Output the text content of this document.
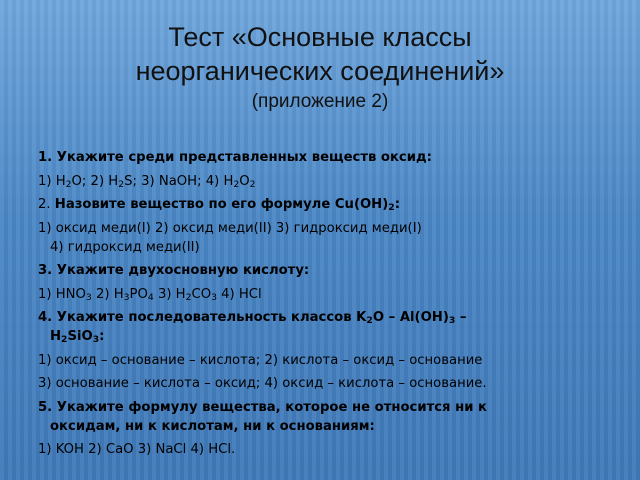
Тест «Основные классы
неорганических соединений»
(приложение 2)
1. Укажите среди представленных веществ оксид:
1) $H_2O$; 2) $H_2S$; 3) NaOH; 4) $H_2O_2$
2. Назовите вещество по его формуле $Cu(OH)_2$:
1) оксид меди(I) 2) оксид меди(II) 3) гидроксид меди(I)
4) гидроксид меди(II)
3. Укажите двухосновную кислоту:
1) $HNO_3$ 2) $H_3PO_4$ 3) $H_2CO_3$ 4) HCl
4. Укажите последовательность классов $K_2O - Al(OH)_3$ –
$H_2SiO_3$:
1) оксид – основание – кислота; 2) кислота – оксид – основание
3) основание – кислота – оксид; 4) оксид – кислота – основание.
5. Укажите формулу вещества, которое не относится ни к
оксидам, ни к кислотам, ни к основаниям:
1) KOH 2) CaO 3) NaCl 4) HCl.
